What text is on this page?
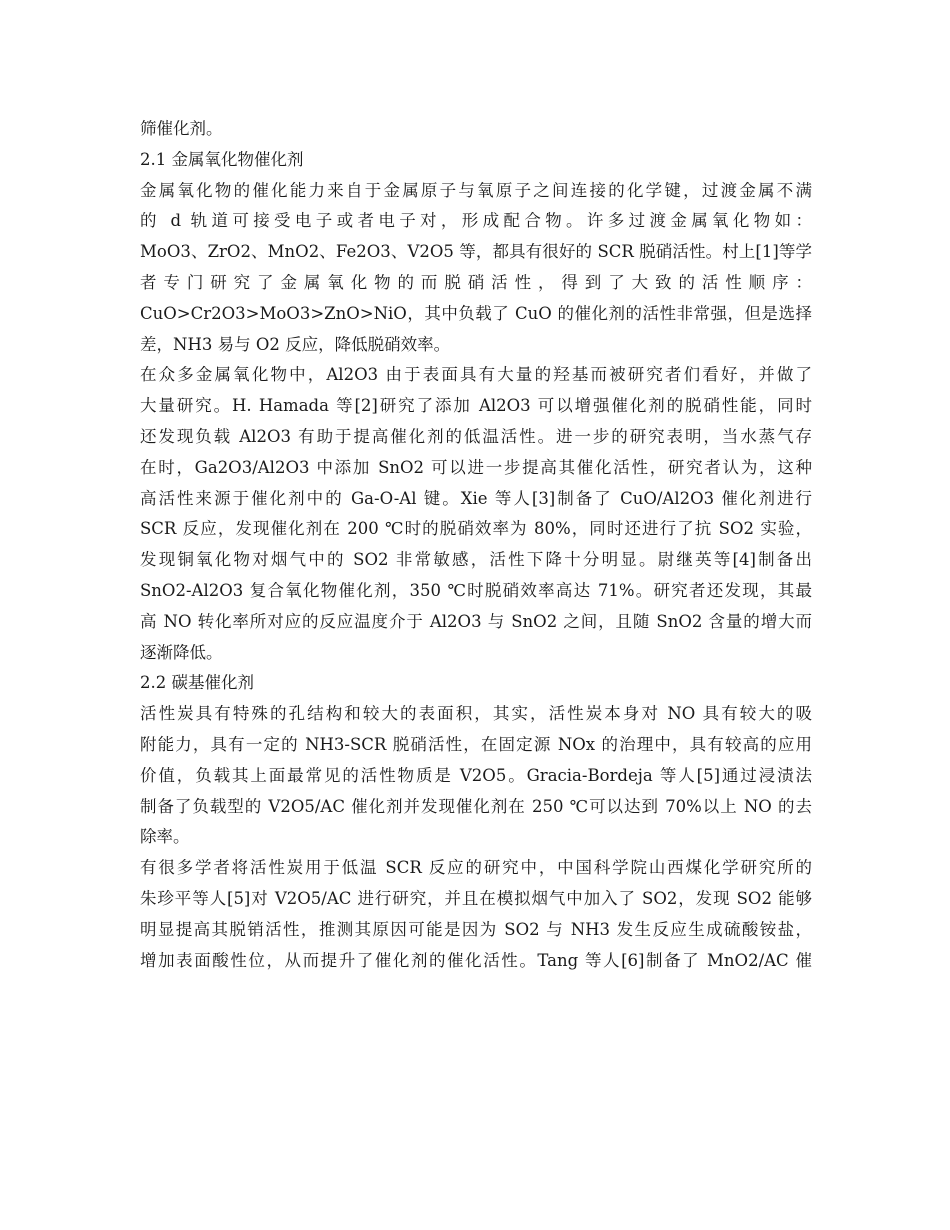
筛催化剂。
2.1 金属氧化物催化剂
金属氧化物的催化能力来自于金属原子与氧原子之间连接的化学键，过渡金属不满
的 d 轨道可接受电子或者电子对，形成配合物。许多过渡金属氧化物如：
MoO3、ZrO2、MnO2、Fe2O3、V2O5 等，都具有很好的 SCR 脱硝活性。村上[1]等学
者专门研究了金属氧化物的而脱硝活性，得到了大致的活性顺序：
CuO>Cr2O3>MoO3>ZnO>NiO，其中负载了 CuO 的催化剂的活性非常强，但是选择
差，NH3 易与 O2 反应，降低脱硝效率。
在众多金属氧化物中，Al2O3 由于表面具有大量的羟基而被研究者们看好，并做了
大量研究。H. Hamada 等[2]研究了添加 Al2O3 可以增强催化剂的脱硝性能，同时
还发现负载 Al2O3 有助于提高催化剂的低温活性。进一步的研究表明，当水蒸气存
在时，Ga2O3/Al2O3 中添加 SnO2 可以进一步提高其催化活性，研究者认为，这种
高活性来源于催化剂中的 Ga-O-Al 键。Xie 等人[3]制备了 CuO/Al2O3 催化剂进行
SCR 反应，发现催化剂在 200 ℃时的脱硝效率为 80%，同时还进行了抗 SO2 实验，
发现铜氧化物对烟气中的 SO2 非常敏感，活性下降十分明显。尉继英等[4]制备出
SnO2-Al2O3 复合氧化物催化剂，350 ℃时脱硝效率高达 71%。研究者还发现，其最
高 NO 转化率所对应的反应温度介于 Al2O3 与 SnO2 之间，且随 SnO2 含量的增大而
逐渐降低。
2.2 碳基催化剂
活性炭具有特殊的孔结构和较大的表面积，其实，活性炭本身对 NO 具有较大的吸
附能力，具有一定的 NH3-SCR 脱硝活性，在固定源 NOx 的治理中，具有较高的应用
价值，负载其上面最常见的活性物质是 V2O5。Gracia-Bordeja 等人[5]通过浸渍法
制备了负载型的 V2O5/AC 催化剂并发现催化剂在 250 ℃可以达到 70%以上 NO 的去
除率。
有很多学者将活性炭用于低温 SCR 反应的研究中，中国科学院山西煤化学研究所的
朱珍平等人[5]对 V2O5/AC 进行研究，并且在模拟烟气中加入了 SO2，发现 SO2 能够
明显提高其脱销活性，推测其原因可能是因为 SO2 与 NH3 发生反应生成硫酸铵盐，
增加表面酸性位，从而提升了催化剂的催化活性。Tang 等人[6]制备了 MnO2/AC 催
